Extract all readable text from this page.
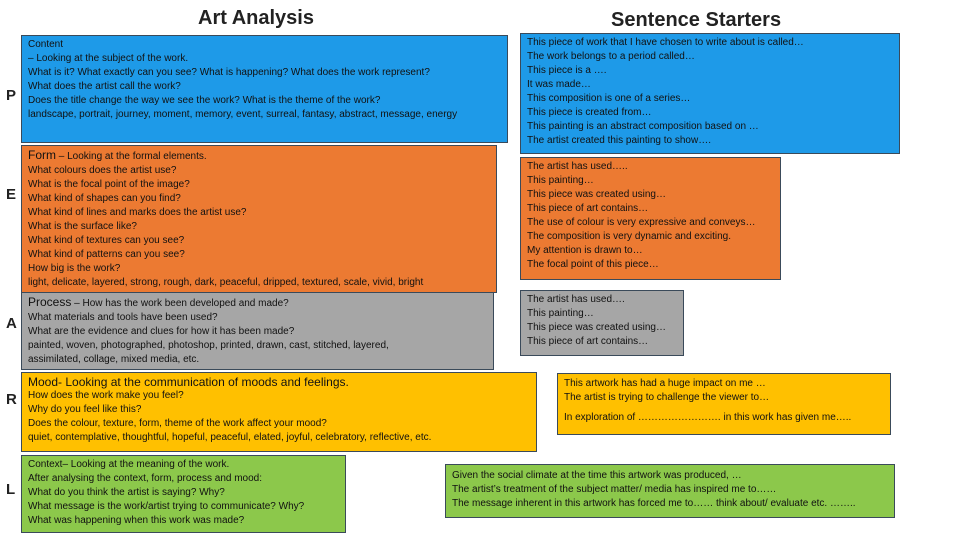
Art Analysis	Sentence Starters
P
E
A
R
L
Content
– Looking at the subject of the work.
What is it? What exactly can you see? What is happening? What does the work represent?
What does the artist call the work?
Does the title change the way we see the work? What is the theme of the work?
landscape, portrait, journey, moment, memory, event, surreal, fantasy, abstract, message, energy
This piece of work that I have chosen to write about is called…
The work belongs to a period called…
This piece is a ….
It was made…
This composition is one of a series…
This piece is created from…
This painting is an abstract composition based on …
The artist created this painting to show….
Form – Looking at the formal elements.
What colours does the artist use?
What is the focal point of the image?
What kind of shapes can you find?
What kind of lines and marks does the artist use?
What is the surface like?
What kind of textures can you see?
What kind of patterns can you see?
How big is the work?
light, delicate, layered, strong, rough, dark, peaceful, dripped, textured, scale, vivid, bright
The artist has used…..
This painting…
This piece was created using…
This piece of art contains…
The use of colour is very expressive and conveys…
The composition is very dynamic and exciting.
My attention is drawn to…
The focal point of this piece…
Process – How has the work been developed and made?
What materials and tools have been used?
What are the evidence and clues for how it has been made?
painted, woven, photographed, photoshop, printed, drawn, cast, stitched, layered,
assimilated, collage, mixed media, etc.
The artist has used….
This painting…
This piece was created using…
This piece of art contains…
Mood- Looking at the communication of moods and feelings.
How does the work make you feel?
Why do you feel like this?
Does the colour, texture, form, theme of the work affect your mood?
quiet, contemplative, thoughtful, hopeful, peaceful, elated, joyful, celebratory, reflective, etc.
This artwork has had a huge impact on me …
The artist is trying to challenge the viewer to…
In exploration of ……………………. in this work has given me…..
Context– Looking at the meaning of the work.
After analysing the context, form, process and mood:
What do you think the artist is saying? Why?
What message is the work/artist trying to communicate? Why?
What was happening when this work was made?
Given the social climate at the time this artwork was produced, …
The artist’s treatment of the subject matter/ media has inspired me to……
The message inherent in this artwork has forced me to…… think about/ evaluate etc. ……..
